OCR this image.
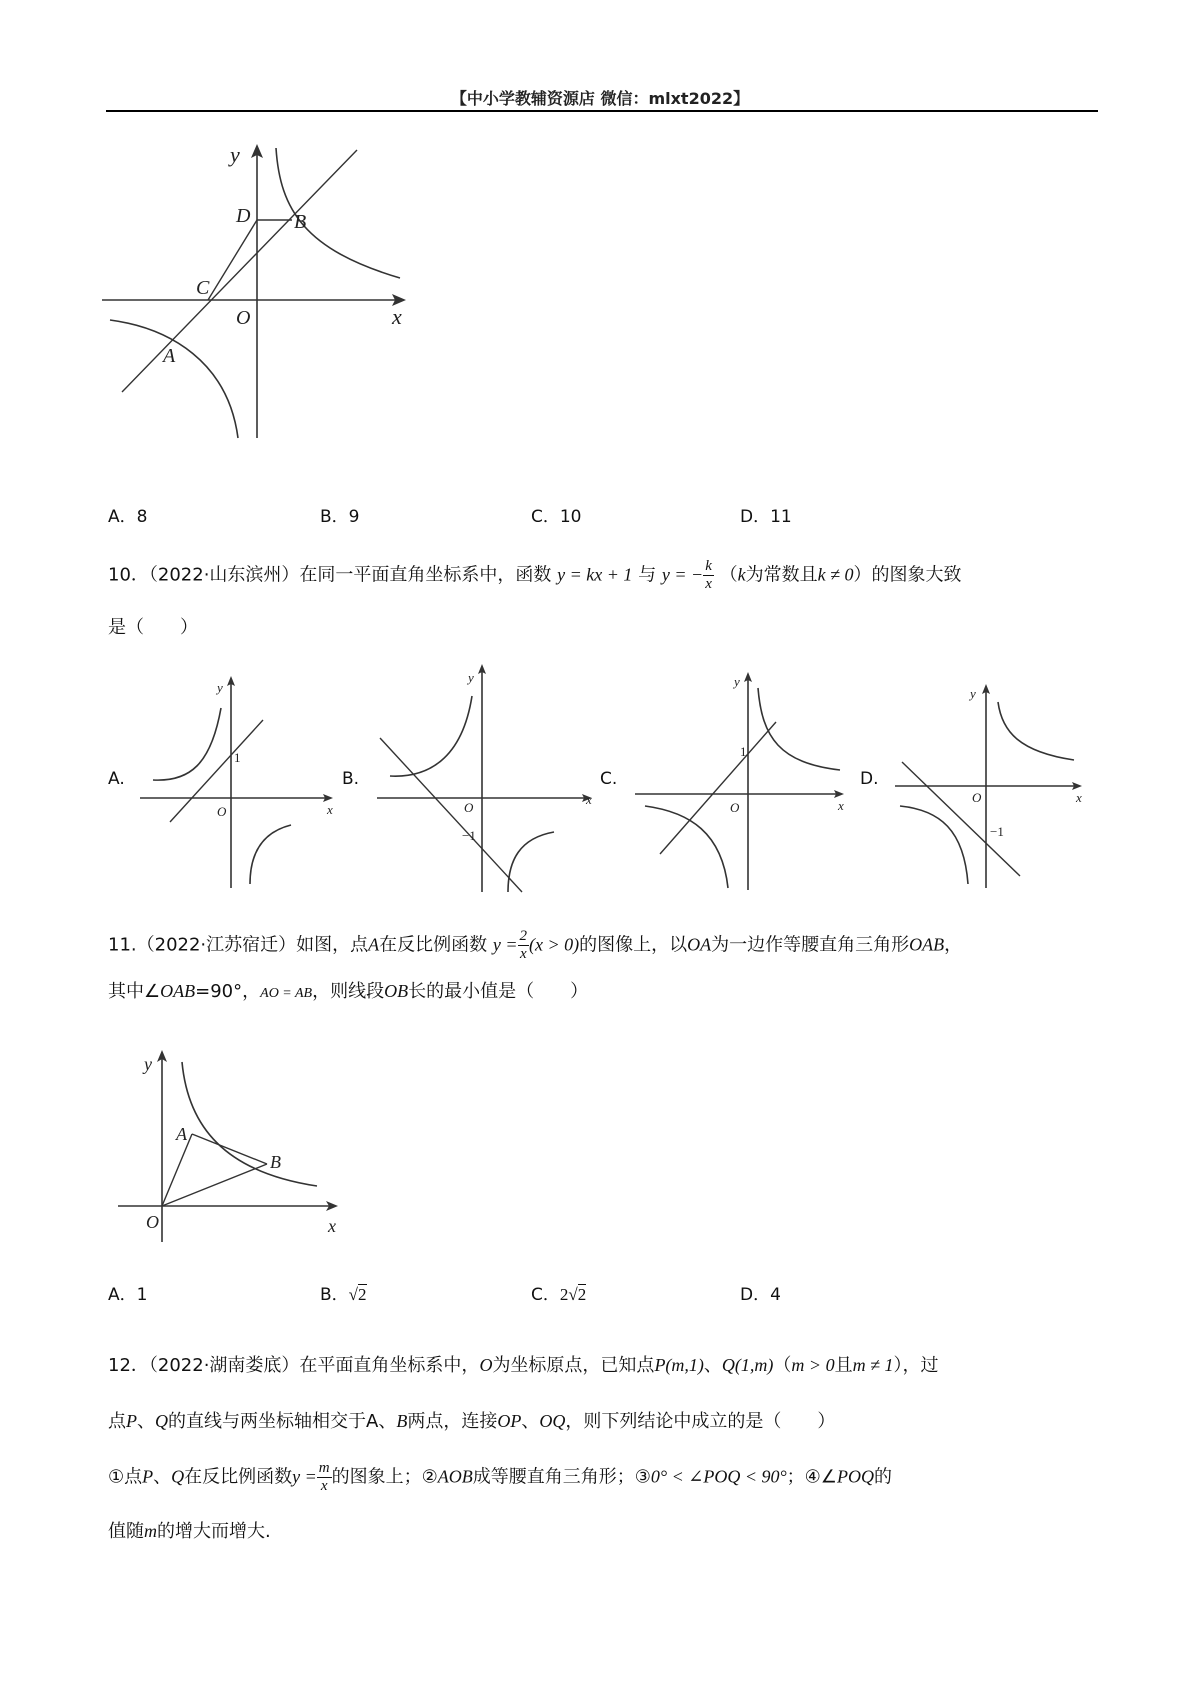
【中小学教辅资源店 微信：mlxt2022】
y
x
O
A
B
C
D
A．8	B．9	C．10	D．11
10．（2022·山东滨州）在同一平面直角坐标系中，函数 y = kx + 1 与 y = − $\frac{k}{x} (k$为常数且k ≠ 0）的图象大致
是（　　）
A.
y
x
O
1
B.
y
x
O
−1
C.
y
x
O
1
D.
y
x
O
−1
11.（2022·江苏宿迁）如图，点A在反比例函数 $y = \frac{2}{x} (x > 0)$的图像上，以OA为一边作等腰直角三角形OAB，
其中∠OAB=90°，AO = AB，则线段OB长的最小值是（　　）
y
x
O
A
B
A．1	B．√2	C．2√2	D．4
12．（2022·湖南娄底）在平面直角坐标系中，O为坐标原点，已知点P(m,1)、Q(1,m)（m > 0且m ≠ 1），过
点P、Q的直线与两坐标轴相交于A、B两点，连接OP、OQ，则下列结论中成立的是（　　）
①点P、Q在反比例函数$y = \frac{m}{x}$ 的图象上；②AOB成等腰直角三角形；③0° < ∠POQ < 90°；④∠POQ的
值随m的增大而增大.
